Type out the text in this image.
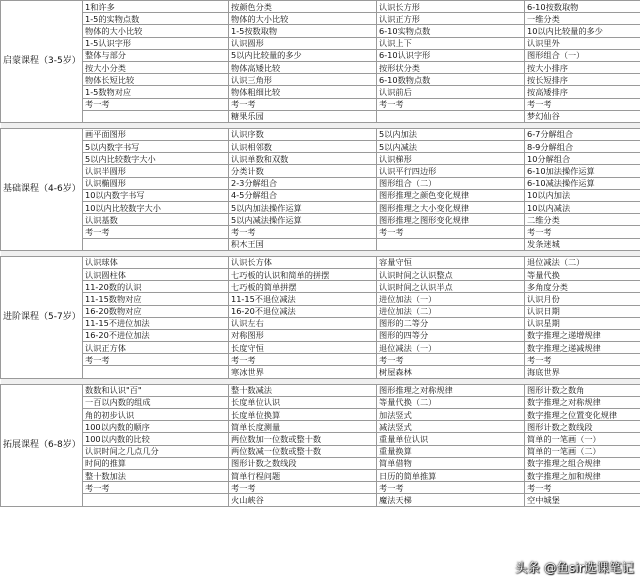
启蒙课程（3-5岁）	1和许多	按颜色分类	认识长方形	6-10按数取物
	1-5的实物点数	物体的大小比较	认识正方形	一维分类
	物体的大小比较	1-5按数取物	6-10实物点数	10以内比较量的多少
	1-5认识字形	认识圆形	认识上下	认识里外
	整体与部分	5以内比较量的多少	6-10认识字形	图形组合（一）
	按大小分类	物体高矮比较	按形状分类	按大小排序
	物体长短比较	认识三角形	6-10数物点数	按长短排序
	1-5数物对应	物体粗细比较	认识前后	按高矮排序
	考一考	考一考	考一考	考一考
		糖果乐园		梦幻仙谷

基础课程（4-6岁）	画平面图形	认识序数	5以内加法	6-7分解组合
	5以内数字书写	认识相邻数	5以内减法	8-9分解组合
	5以内比较数字大小	认识单数和双数	认识梯形	10分解组合
	认识半圆形	分类计数	认识平行四边形	6-10加法操作运算
	认识椭圆形	2-3分解组合	图形组合（二）	6-10减法操作运算
	10以内数字书写	4-5分解组合	图形推理之颜色变化规律	10以内加法
	10以内比较数字大小	5以内加法操作运算	图形推理之大小变化规律	10以内减法
	认识基数	5以内减法操作运算	图形推理之图形变化规律	二维分类
	考一考	考一考	考一考	考一考
		积木王国		发条迷城

进阶课程（5-7岁）	认识球体	认识长方体	容量守恒	退位减法（二）
	认识圆柱体	七巧板的认识和简单的拼摆	认识时间之认识整点	等量代换
	11-20数的认识	七巧板的简单拼摆	认识时间之认识半点	多角度分类
	11-15数物对应	11-15不退位减法	进位加法（一）	认识月份
	16-20数物对应	16-20不退位减法	进位加法（二）	认识日期
	11-15不进位加法	认识左右	图形的二等分	认识星期
	16-20不进位加法	对称图形	图形的四等分	数字推理之递增规律
	认识正方体	长度守恒	退位减法（一）	数字推理之递减规律
	考一考	考一考	考一考	考一考
		寒冰世界	树屋森林	海底世界

拓展课程（6-8岁）	数数和认识"百"	整十数减法	图形推理之对称规律	图形计数之数角
	一百以内数的组成	长度单位认识	等量代换（二）	数字推理之对称规律
	角的初步认识	长度单位换算	加法竖式	数字推理之位置变化规律
	100以内数的顺序	简单长度测量	减法竖式	图形计数之数线段
	100以内数的比较	两位数加一位数或整十数	重量单位认识	简单的一笔画（一）
	认识时间之几点几分	两位数减一位数或整十数	重量换算	简单的一笔画（二）
	时间的推算	图形计数之数线段	简单借物	数字推理之组合规律
	整十数加法	简单行程问题	日历的简单推算	数字推理之加和规律
	考一考	考一考	考一考	考一考
		火山峡谷	魔法天梯	空中城堡
头条 @鱼sir选课笔记
